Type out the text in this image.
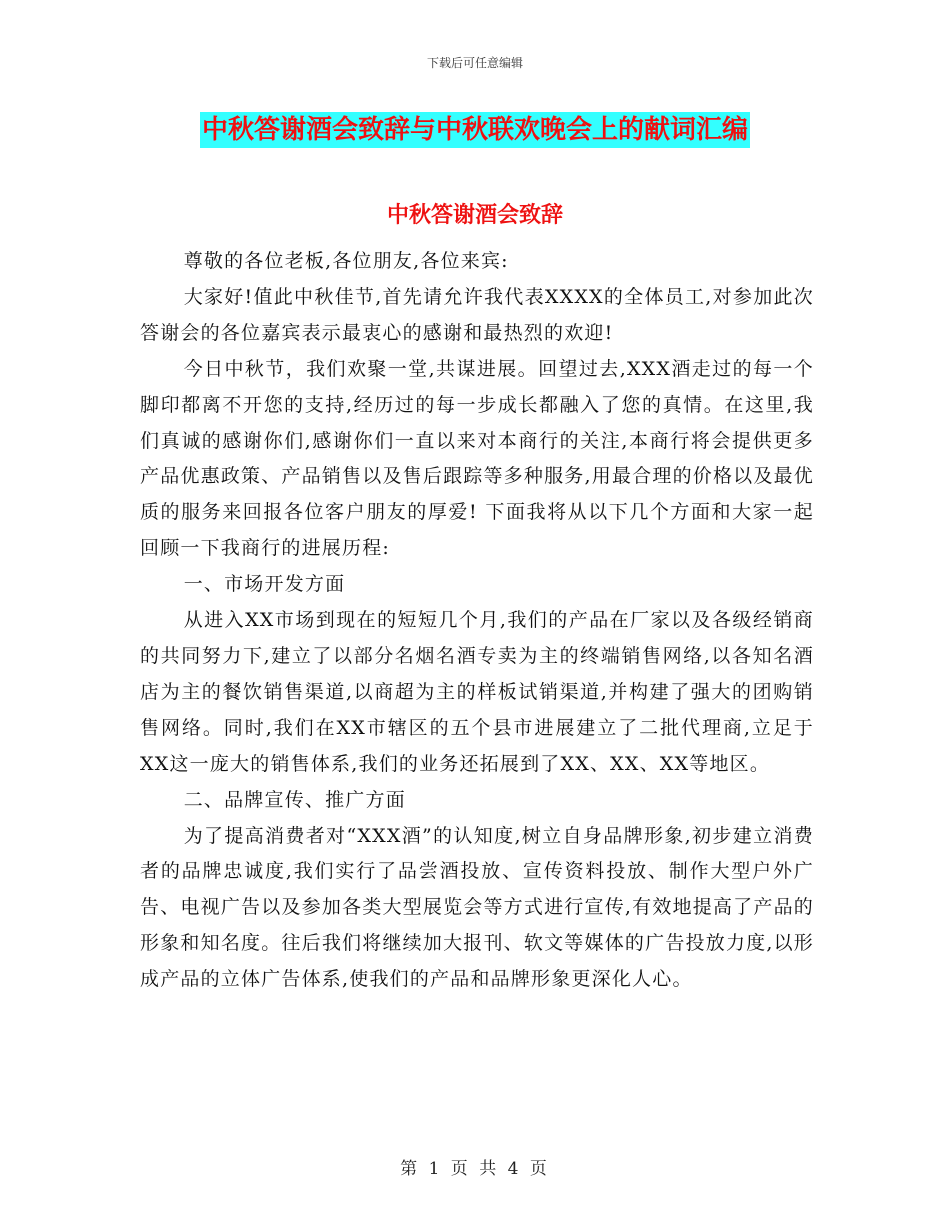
下载后可任意编辑
中秋答谢酒会致辞与中秋联欢晚会上的献词汇编
中秋答谢酒会致辞

尊敬的各位老板,各位朋友,各位来宾:

大家好!值此中秋佳节,首先请允许我代表XXXX的全体员工,对参加此次答谢会的各位嘉宾表示最衷心的感谢和最热烈的欢迎!

今日中秋节，我们欢聚一堂,共谋进展。回望过去,XXX酒走过的每一个脚印都离不开您的支持,经历过的每一步成长都融入了您的真情。在这里,我们真诚的感谢你们,感谢你们一直以来对本商行的关注,本商行将会提供更多产品优惠政策、产品销售以及售后跟踪等多种服务,用最合理的价格以及最优质的服务来回报各位客户朋友的厚爱! 下面我将从以下几个方面和大家一起回顾一下我商行的进展历程:

一、市场开发方面

从进入XX市场到现在的短短几个月,我们的产品在厂家以及各级经销商的共同努力下,建立了以部分名烟名酒专卖为主的终端销售网络,以各知名酒店为主的餐饮销售渠道,以商超为主的样板试销渠道,并构建了强大的团购销售网络。同时,我们在XX市辖区的五个县市进展建立了二批代理商,立足于XX这一庞大的销售体系,我们的业务还拓展到了XX、XX、XX等地区。

二、品牌宣传、推广方面

为了提高消费者对“XXX酒”的认知度,树立自身品牌形象,初步建立消费者的品牌忠诚度,我们实行了品尝酒投放、宣传资料投放、制作大型户外广告、电视广告以及参加各类大型展览会等方式进行宣传,有效地提高了产品的形象和知名度。往后我们将继续加大报刊、软文等媒体的广告投放力度,以形成产品的立体广告体系,使我们的产品和品牌形象更深化人心。

第 1 页 共 4 页
